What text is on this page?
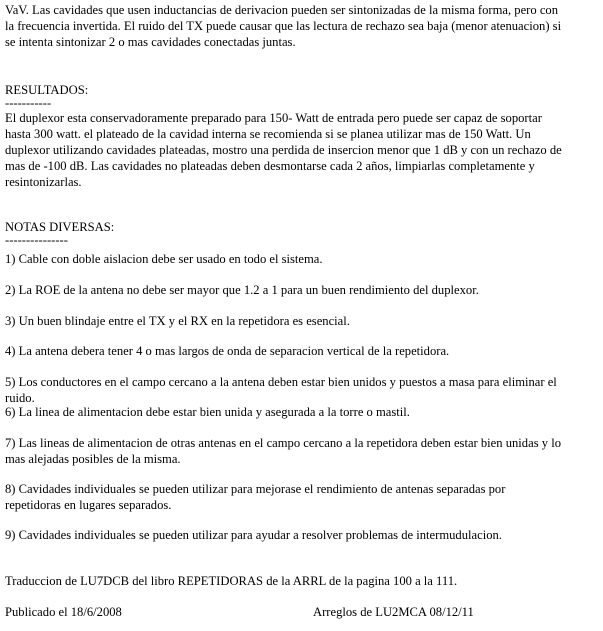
VaV. Las cavidades que usen inductancias de derivacion pueden ser sintonizadas de la misma forma, pero con
la frecuencia invertida. El ruido del TX puede causar que las lectura de rechazo sea baja (menor atenuacion) si
se intenta sintonizar 2 o mas cavidades conectadas juntas.
RESULTADOS:
-----------
El duplexor esta conservadoramente preparado para 150- Watt de entrada pero puede ser capaz de soportar
hasta 300 watt. el plateado de la cavidad interna se recomienda si se planea utilizar mas de 150 Watt. Un
duplexor utilizando cavidades plateadas, mostro una perdida de insercion menor que 1 dB y con un rechazo de
mas de -100 dB. Las cavidades no plateadas deben desmontarse cada 2 años, limpiarlas completamente y
resintonizarlas.
NOTAS DIVERSAS:
---------------
1) Cable con doble aislacion debe ser usado en todo el sistema.
2) La ROE de la antena no debe ser mayor que 1.2 a 1 para un buen rendimiento del duplexor.
3) Un buen blindaje entre el TX y el RX en la repetidora es esencial.
4) La antena debera tener 4 o mas largos de onda de separacion vertical de la repetidora.
5) Los conductores en el campo cercano a la antena deben estar bien unidos y puestos a masa para eliminar el
ruido.
6) La linea de alimentacion debe estar bien unida y asegurada a la torre o mastil.
7) Las lineas de alimentacion de otras antenas en el campo cercano a la repetidora deben estar bien unidas y lo
mas alejadas posibles de la misma.
8) Cavidades individuales se pueden utilizar para mejorase el rendimiento de antenas separadas por
repetidoras en lugares separados.
9) Cavidades individuales se pueden utilizar para ayudar a resolver problemas de intermudulacion.
Traduccion de LU7DCB del libro REPETIDORAS de la ARRL de la pagina 100 a la 111.
Publicado el 18/6/2008	Arreglos de LU2MCA 08/12/11
